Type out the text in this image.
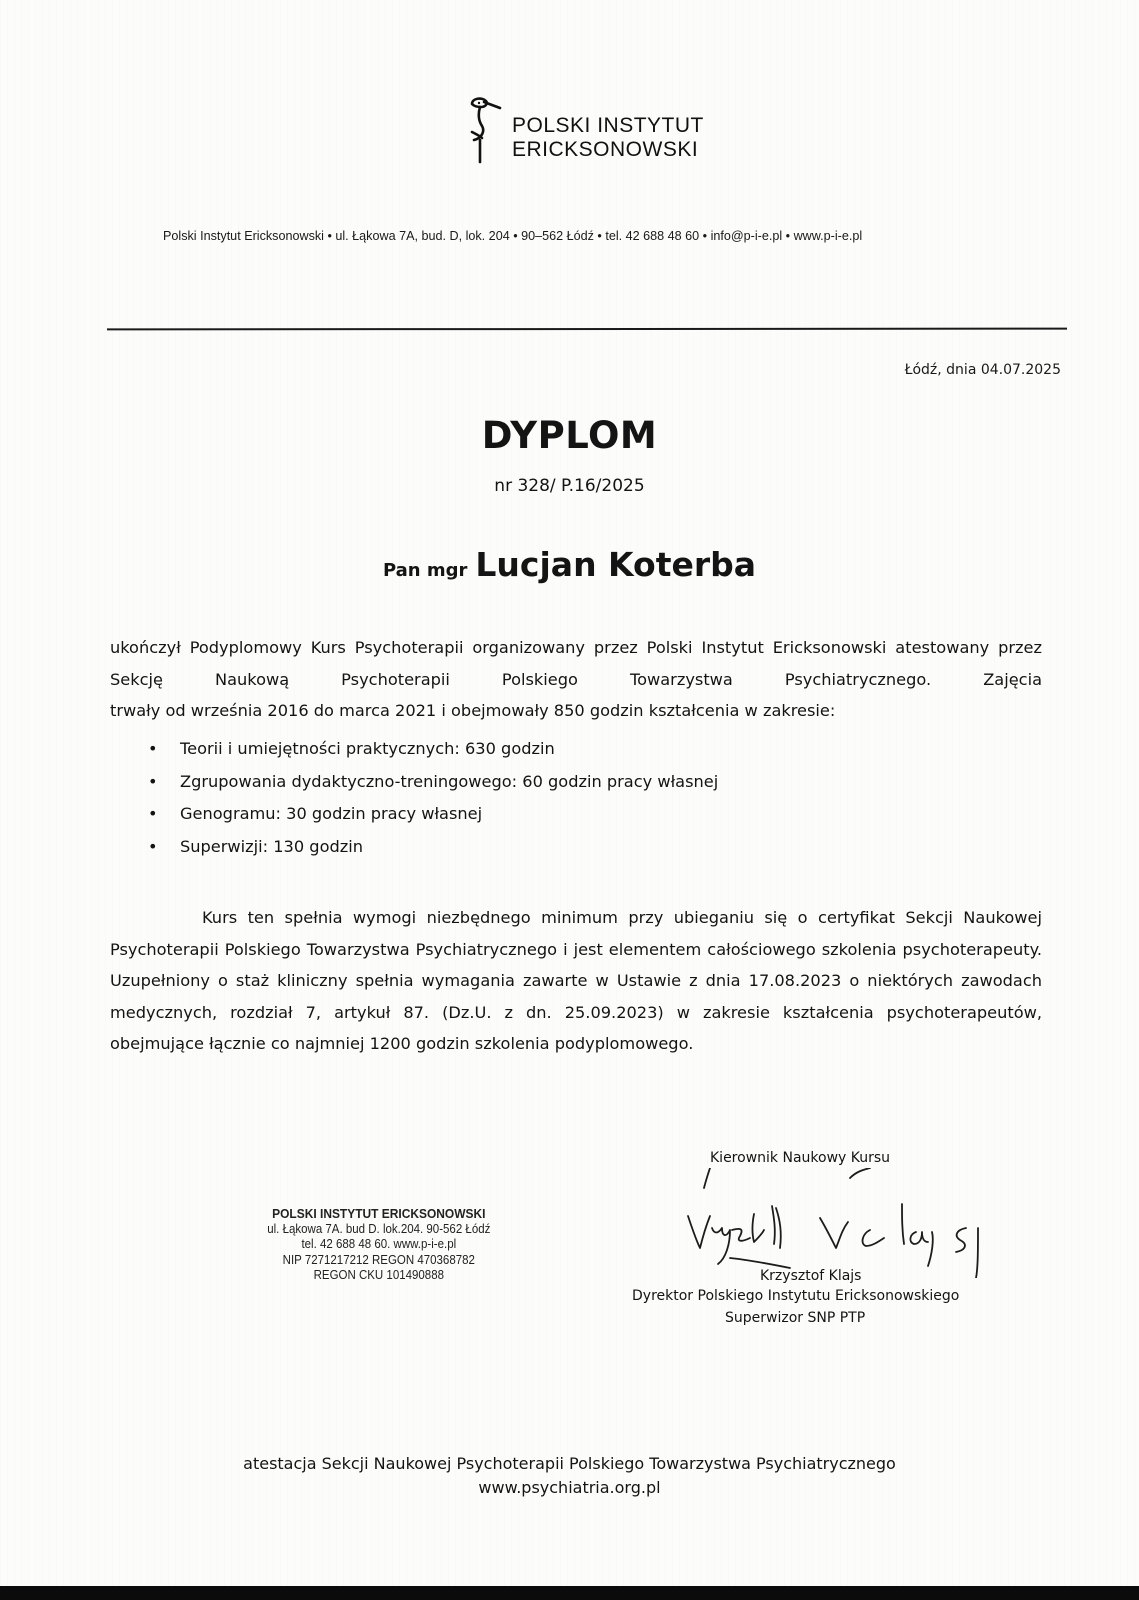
POLSKI INSTYTUT
ERICKSONOWSKI
Polski Instytut Ericksonowski • ul. Łąkowa 7A, bud. D, lok. 204 • 90–562 Łódź • tel. 42 688 48 60 • info@p-i-e.pl • www.p-i-e.pl
Łódź, dnia 04.07.2025
DYPLOM
nr 328/ P.16/2025
Pan mgr Lucjan Koterba
ukończył Podyplomowy Kurs Psychoterapii organizowany przez Polski Instytut Ericksonowski atestowany przez Sekcję Naukową Psychoterapii Polskiego Towarzystwa Psychiatrycznego. Zajęcia
trwały od września 2016 do marca 2021 i obejmowały 850 godzin kształcenia w zakresie:
• Teorii i umiejętności praktycznych: 630 godzin
• Zgrupowania dydaktyczno-treningowego: 60 godzin pracy własnej
• Genogramu: 30 godzin pracy własnej
• Superwizji: 130 godzin
Kurs ten spełnia wymogi niezbędnego minimum przy ubieganiu się o certyfikat Sekcji Naukowej Psychoterapii Polskiego Towarzystwa Psychiatrycznego i jest elementem całościowego szkolenia psychoterapeuty. Uzupełniony o staż kliniczny spełnia wymagania zawarte w Ustawie z dnia 17.08.2023 o niektórych zawodach medycznych, rozdział 7, artykuł 87. (Dz.U. z dn. 25.09.2023) w zakresie kształcenia psychoterapeutów, obejmujące łącznie co najmniej 1200 godzin szkolenia podyplomowego.
POLSKI INSTYTUT ERICKSONOWSKI
ul. Łąkowa 7A. bud D. lok.204. 90-562 Łódź
tel. 42 688 48 60. www.p-i-e.pl
NIP 7271217212 REGON 470368782
REGON CKU 101490888
Kierownik Naukowy Kursu
Krzysztof Klajs
Dyrektor Polskiego Instytutu Ericksonowskiego
Superwizor SNP PTP
atestacja Sekcji Naukowej Psychoterapii Polskiego Towarzystwa Psychiatrycznego
www.psychiatria.org.pl
